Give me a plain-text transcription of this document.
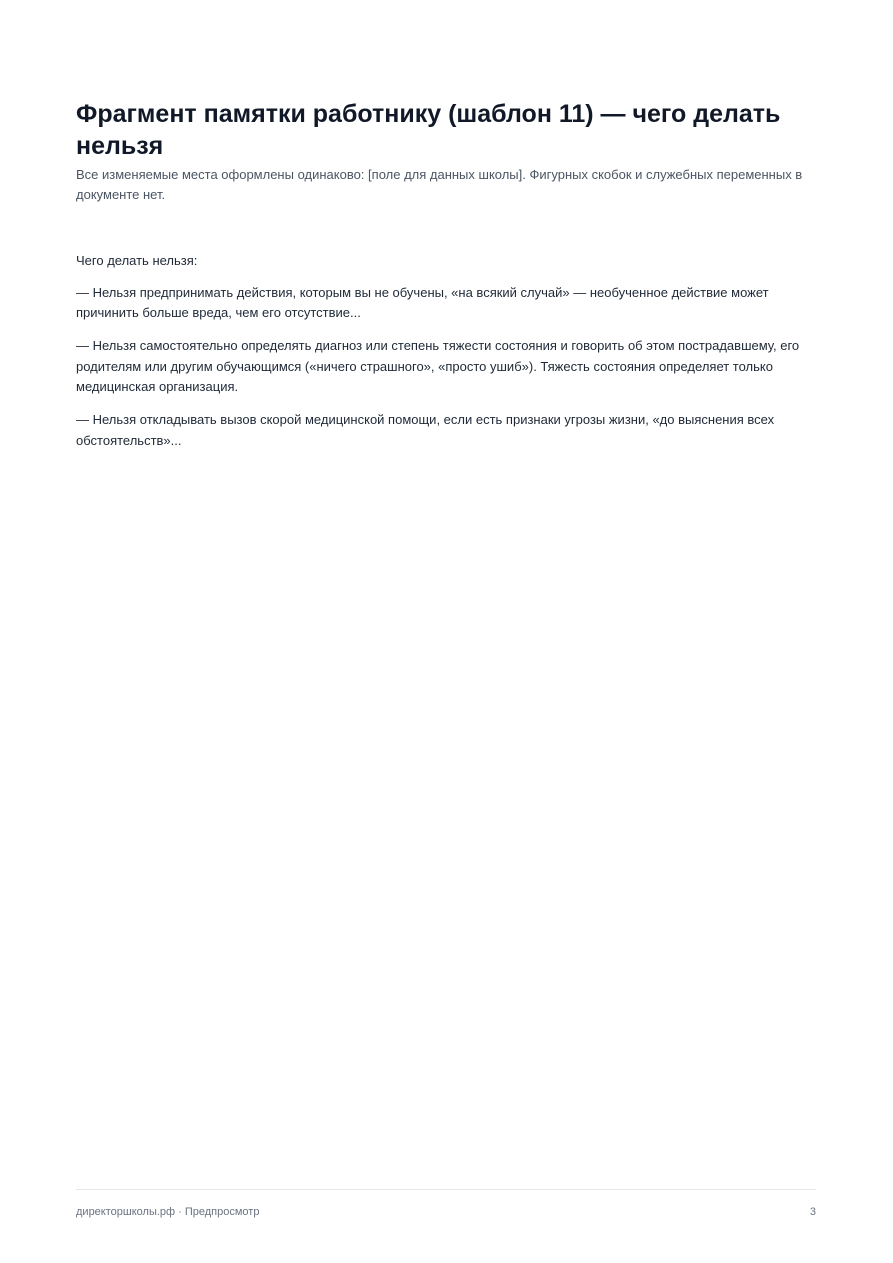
Фрагмент памятки работнику (шаблон 11) — чего делать нельзя

Все изменяемые места оформлены одинаково: [поле для данных школы]. Фигурных скобок и служебных переменных в документе нет.

Чего делать нельзя:

— Нельзя предпринимать действия, которым вы не обучены, «на всякий случай» — необученное действие может причинить больше вреда, чем его отсутствие...

— Нельзя самостоятельно определять диагноз или степень тяжести состояния и говорить об этом пострадавшему, его родителям или другим обучающимся («ничего страшного», «просто ушиб»). Тяжесть состояния определяет только медицинская организация.

— Нельзя откладывать вызов скорой медицинской помощи, если есть признаки угрозы жизни, «до выяснения всех обстоятельств»...

директоршколы.рф · Предпросмотр	3
